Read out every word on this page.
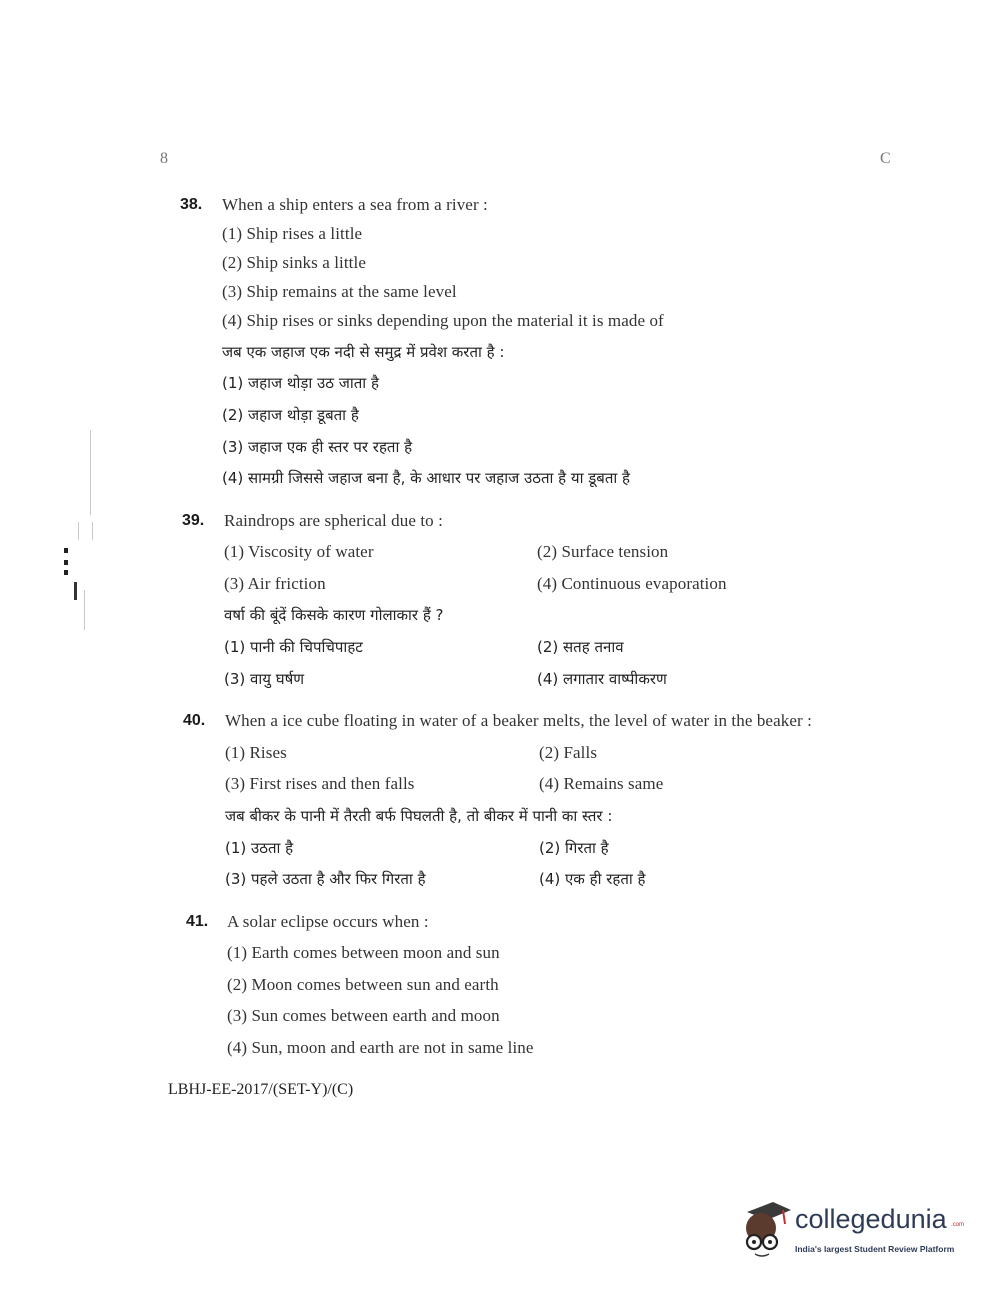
8	C
38. When a ship enters a sea from a river :
(1) Ship rises a little
(2) Ship sinks a little
(3) Ship remains at the same level
(4) Ship rises or sinks depending upon the material it is made of
जब एक जहाज एक नदी से समुद्र में प्रवेश करता है :
(1) जहाज थोड़ा उठ जाता है
(2) जहाज थोड़ा डूबता है
(3) जहाज एक ही स्तर पर रहता है
(4) सामग्री जिससे जहाज बना है, के आधार पर जहाज उठता है या डूबता है
39. Raindrops are spherical due to :
(1) Viscosity of water	(2) Surface tension
(3) Air friction	(4) Continuous evaporation
वर्षा की बूंदें किसके कारण गोलाकार हैं ?
(1) पानी की चिपचिपाहट	(2) सतह तनाव
(3) वायु घर्षण	(4) लगातार वाष्पीकरण
40. When a ice cube floating in water of a beaker melts, the level of water in the beaker :
(1) Rises	(2) Falls
(3) First rises and then falls	(4) Remains same
जब बीकर के पानी में तैरती बर्फ पिघलती है, तो बीकर में पानी का स्तर :
(1) उठता है	(2) गिरता है
(3) पहले उठता है और फिर गिरता है	(4) एक ही रहता है
41. A solar eclipse occurs when :
(1) Earth comes between moon and sun
(2) Moon comes between sun and earth
(3) Sun comes between earth and moon
(4) Sun, moon and earth are not in same line
LBHJ-EE-2017/(SET-Y)/(C)
collegedunia .com
India's largest Student Review Platform
